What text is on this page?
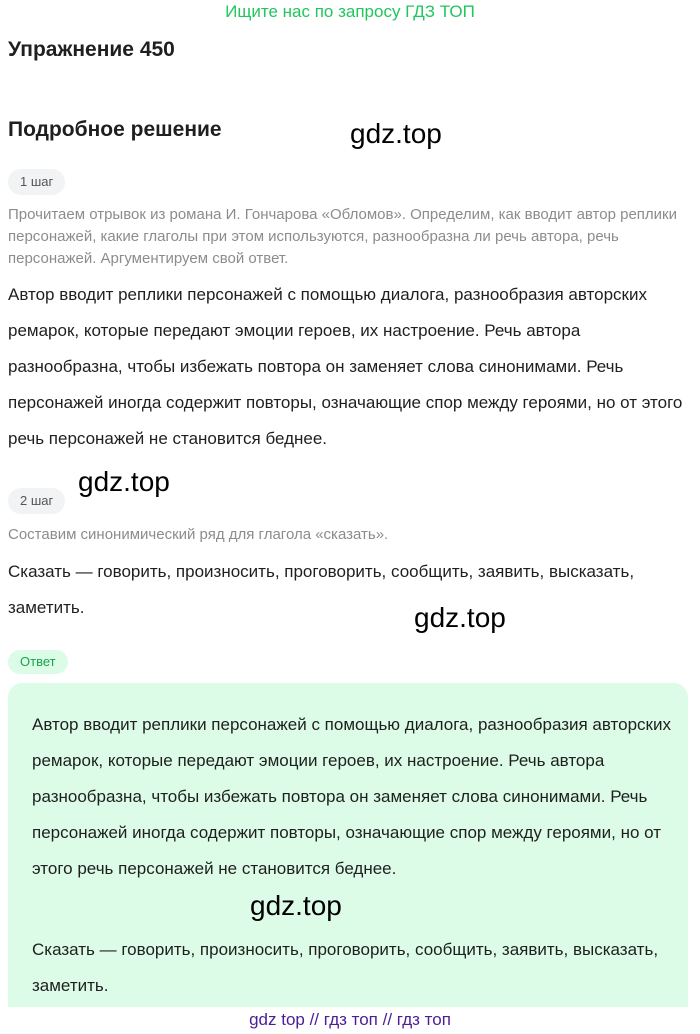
Ищите нас по запросу ГДЗ ТОП
Упражнение 450
Подробное решение	gdz.top
1 шаг
Прочитаем отрывок из романа И. Гончарова «Обломов». Определим, как вводит автор реплики персонажей, какие глаголы при этом используются, разнообразна ли речь автора, речь персонажей. Аргументируем свой ответ.
Автор вводит реплики персонажей с помощью диалога, разнообразия авторских ремарок, которые передают эмоции героев, их настроение. Речь автора разнообразна, чтобы избежать повтора он заменяет слова синонимами. Речь персонажей иногда содержит повторы, означающие спор между героями, но от этого речь персонажей не становится беднее.
gdz.top
2 шаг
Составим синонимический ряд для глагола «сказать».
Сказать — говорить, произносить, проговорить, сообщить, заявить, высказать, заметить.	gdz.top
Ответ
Автор вводит реплики персонажей с помощью диалога, разнообразия авторских ремарок, которые передают эмоции героев, их настроение. Речь автора разнообразна, чтобы избежать повтора он заменяет слова синонимами. Речь персонажей иногда содержит повторы, означающие спор между героями, но от этого речь персонажей не становится беднее.
gdz.top
Сказать — говорить, произносить, проговорить, сообщить, заявить, высказать, заметить.
gdz top // гдз топ // гдз топ
